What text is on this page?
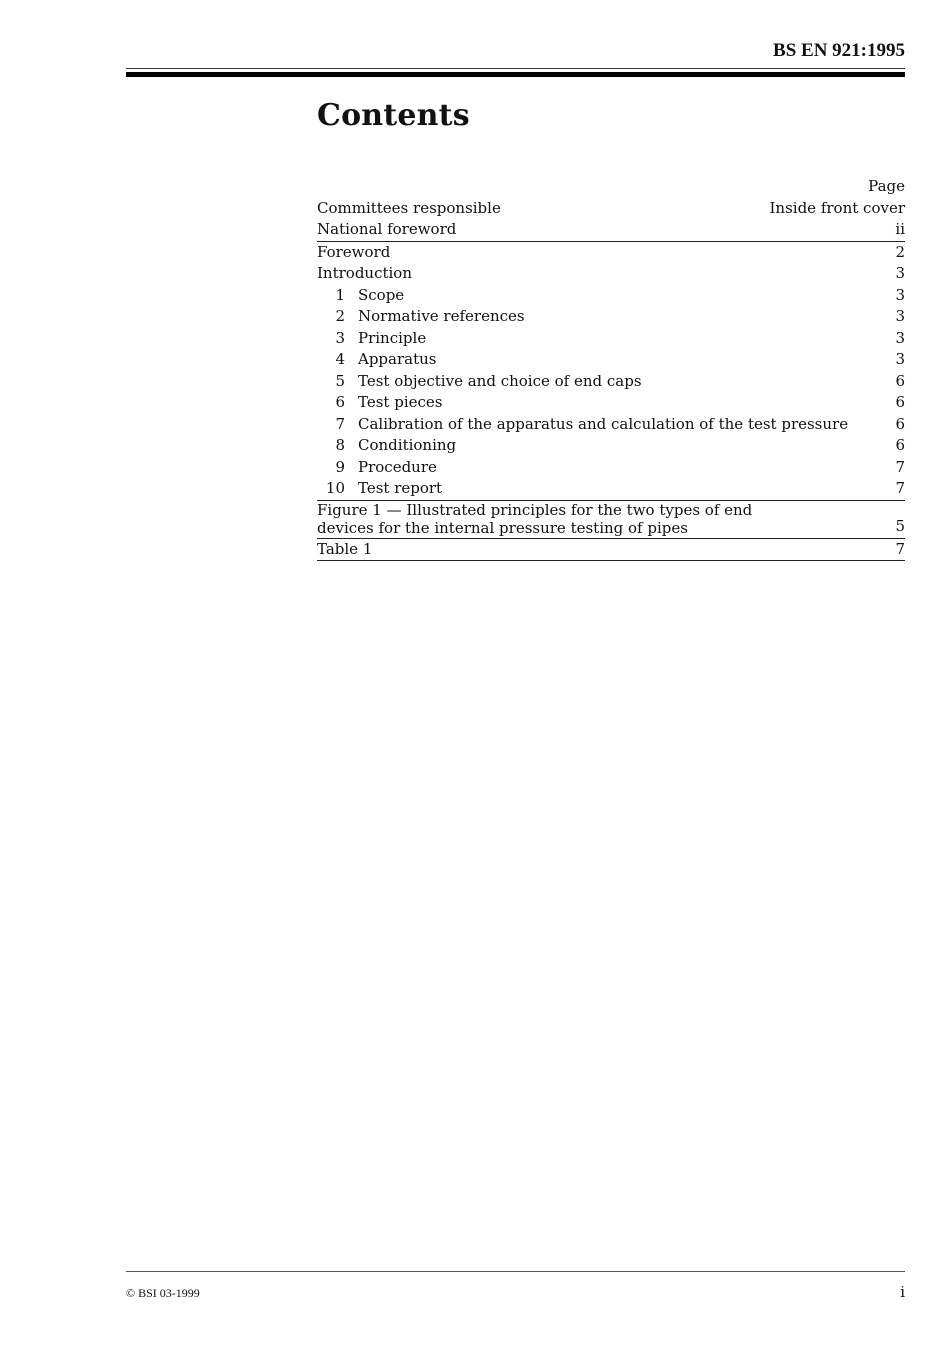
BS EN 921:1995
Contents
Page
Committees responsible	Inside front cover
National foreword	ii
Foreword	2
Introduction	3
1 Scope	3
2 Normative references	3
3 Principle	3
4 Apparatus	3
5 Test objective and choice of end caps	6
6 Test pieces	6
7 Calibration of the apparatus and calculation of the test pressure	6
8 Conditioning	6
9 Procedure	7
10 Test report	7
Figure 1 — Illustrated principles for the two types of end
devices for the internal pressure testing of pipes	5
Table 1	7
© BSI 03-1999	i
